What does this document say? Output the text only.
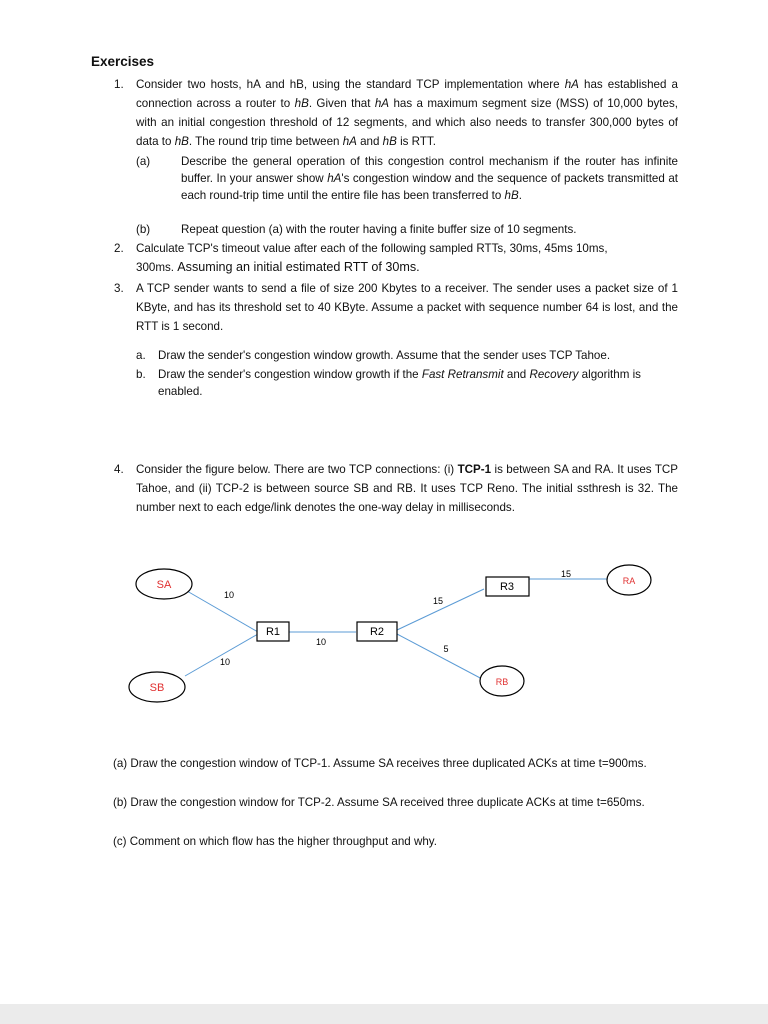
Exercises
1. Consider two hosts, hA and hB, using the standard TCP implementation where hA has established a connection across a router to hB. Given that hA has a maximum segment size (MSS) of 10,000 bytes, with an initial congestion threshold of 12 segments, and which also needs to transfer 300,000 bytes of data to hB. The round trip time between hA and hB is RTT.

(a)	Describe the general operation of this congestion control mechanism if the router has infinite buffer. In your answer show hA's congestion window and the sequence of packets transmitted at each round-trip time until the entire file has been transferred to hB.

(b)	Repeat question (a) with the router having a finite buffer size of 10 segments.

2. Calculate TCP's timeout value after each of the following sampled RTTs, 30ms, 45ms 10ms,

300ms. Assuming an initial estimated RTT of 30ms.

3. A TCP sender wants to send a file of size 200 Kbytes to a receiver. The sender uses a packet size of 1 KByte, and has its threshold set to 40 KByte. Assume a packet with sequence number 64 is lost, and the RTT is 1 second.

a. Draw the sender's congestion window growth. Assume that the sender uses TCP Tahoe.

b. Draw the sender's congestion window growth if the Fast Retransmit and Recovery algorithm is enabled.

4. Consider the figure below. There are two TCP connections: (i) TCP-1 is between SA and RA. It uses TCP Tahoe, and (ii) TCP-2 is between source SB and RB. It uses TCP Reno. The initial ssthresh is 32. The number next to each edge/link denotes the one-way delay in milliseconds.

SA
SB
RA
RB
R1	R2
R3
10
10
10
15
5
15

(a) Draw the congestion window of TCP-1. Assume SA receives three duplicated ACKs at time t=900ms.

(b) Draw the congestion window for TCP-2. Assume SA received three duplicate ACKs at time t=650ms.

(c) Comment on which flow has the higher throughput and why.
